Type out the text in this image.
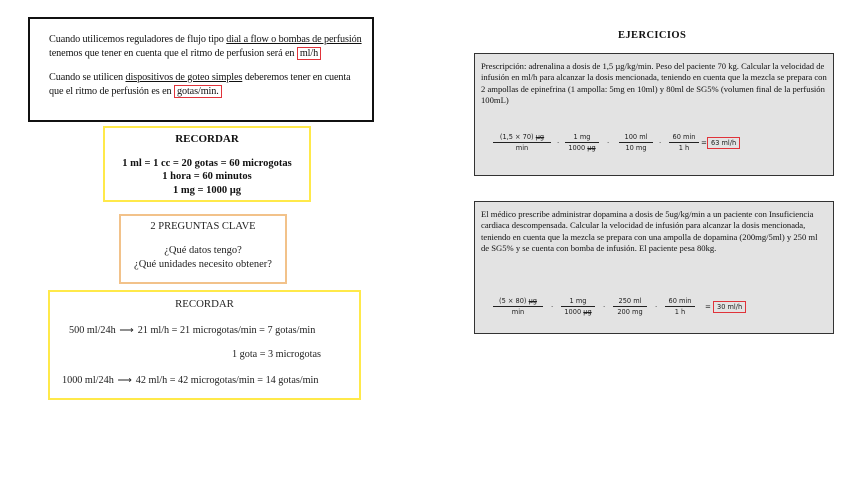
Cuando utilicemos reguladores de flujo tipo dial a flow o bombas de perfusión tenemos que tener en cuenta que el ritmo de perfusion será en ml/h

Cuando se utilicen dispositivos de goteo simples deberemos tener en cuenta que el ritmo de perfusión es en gotas/min.

RECORDAR
1 ml = 1 cc = 20 gotas = 60 microgotas
1 hora = 60 minutos
1 mg = 1000 µg
2 PREGUNTAS CLAVE
¿Qué datos tengo?
¿Qué unidades necesito obtener?
RECORDAR
500 ml/24h ⟶ 21 ml/h = 21 microgotas/min = 7 gotas/min
1 gota = 3 microgotas
1000 ml/24h ⟶ 42 ml/h = 42 microgotas/min = 14 gotas/min
EJERCICIOS
Prescripción: adrenalina a dosis de 1,5 µg/kg/min. Peso del paciente 70 kg. Calcular la velocidad de infusión en ml/h para alcanzar la dosis mencionada, teniendo en cuenta que la mezcla se prepara con 2 ampollas de epinefrina (1 ampolla: 5mg en 10ml) y 80ml de SG5% (volumen final de la perfusión 100mL)
(1,5 × 70) µg
min
·
1 mg
1000 µg
·
100 ml
10 mg
·
60 min
1 h
= 63 ml/h
El médico prescribe administrar dopamina a dosis de 5ug/kg/min a un paciente con Insuficiencia cardiaca descompensada. Calcular la velocidad de infusión para alcanzar la dosis mencionada, teniendo en cuenta que la mezcla se prepara con una ampolla de dopamina (200mg/5ml) y 250 ml de SG5% y se cuenta con bomba de infusión. El paciente pesa 80kg.
(5 × 80) µg
min
·
1 mg
1000 µg
·
250 ml
200 mg
·
60 min
1 h
= 30 ml/h
